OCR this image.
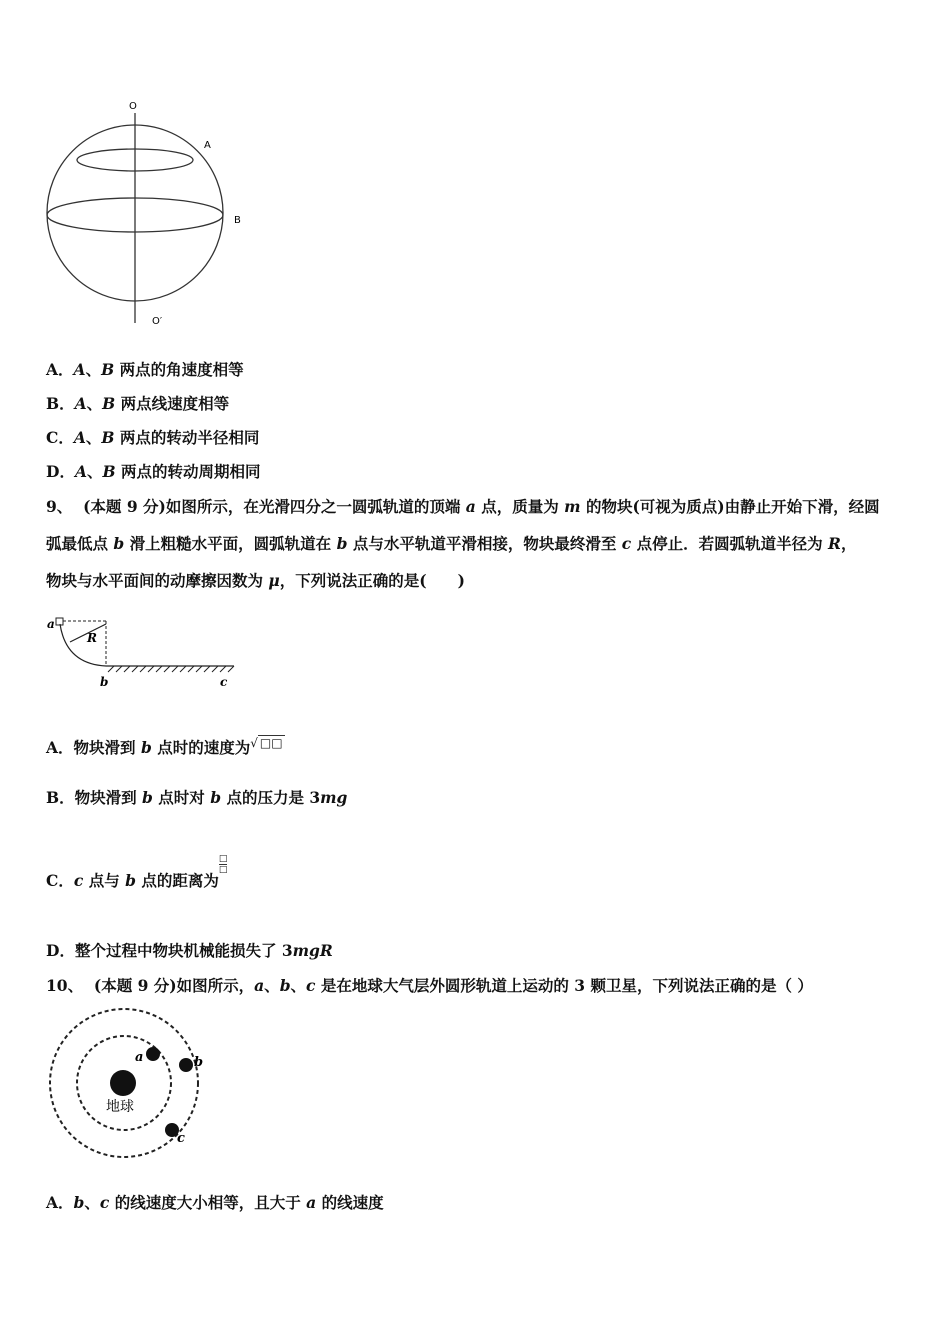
O
A
B
O′
A．A、B 两点的角速度相等
B．A、B 两点线速度相等
C．A、B 两点的转动半径相同
D．A、B 两点的转动周期相同
9、 (本题 9 分)如图所示，在光滑四分之一圆弧轨道的顶端 a 点，质量为 m 的物块(可视为质点)由静止开始下滑，经圆
弧最低点 b 滑上粗糙水平面，圆弧轨道在 b 点与水平轨道平滑相接，物块最终滑至 c 点停止．若圆弧轨道半径为 R，
物块与水平面间的动摩擦因数为 μ，下列说法正确的是(　　)
a
R
b	c
A．物块滑到 b 点时的速度为√ □□
B．物块滑到 b 点时对 b 点的压力是 3mg
C．c 点与 b 点的距离为
$\frac{□}{□}$
D．整个过程中物块机械能损失了 3mgR
10、 (本题 9 分)如图所示，a、b、c 是在地球大气层外圆形轨道上运动的 3 颗卫星，下列说法正确的是（ ）
地球
a	b
c
A．b、c 的线速度大小相等，且大于 a 的线速度
